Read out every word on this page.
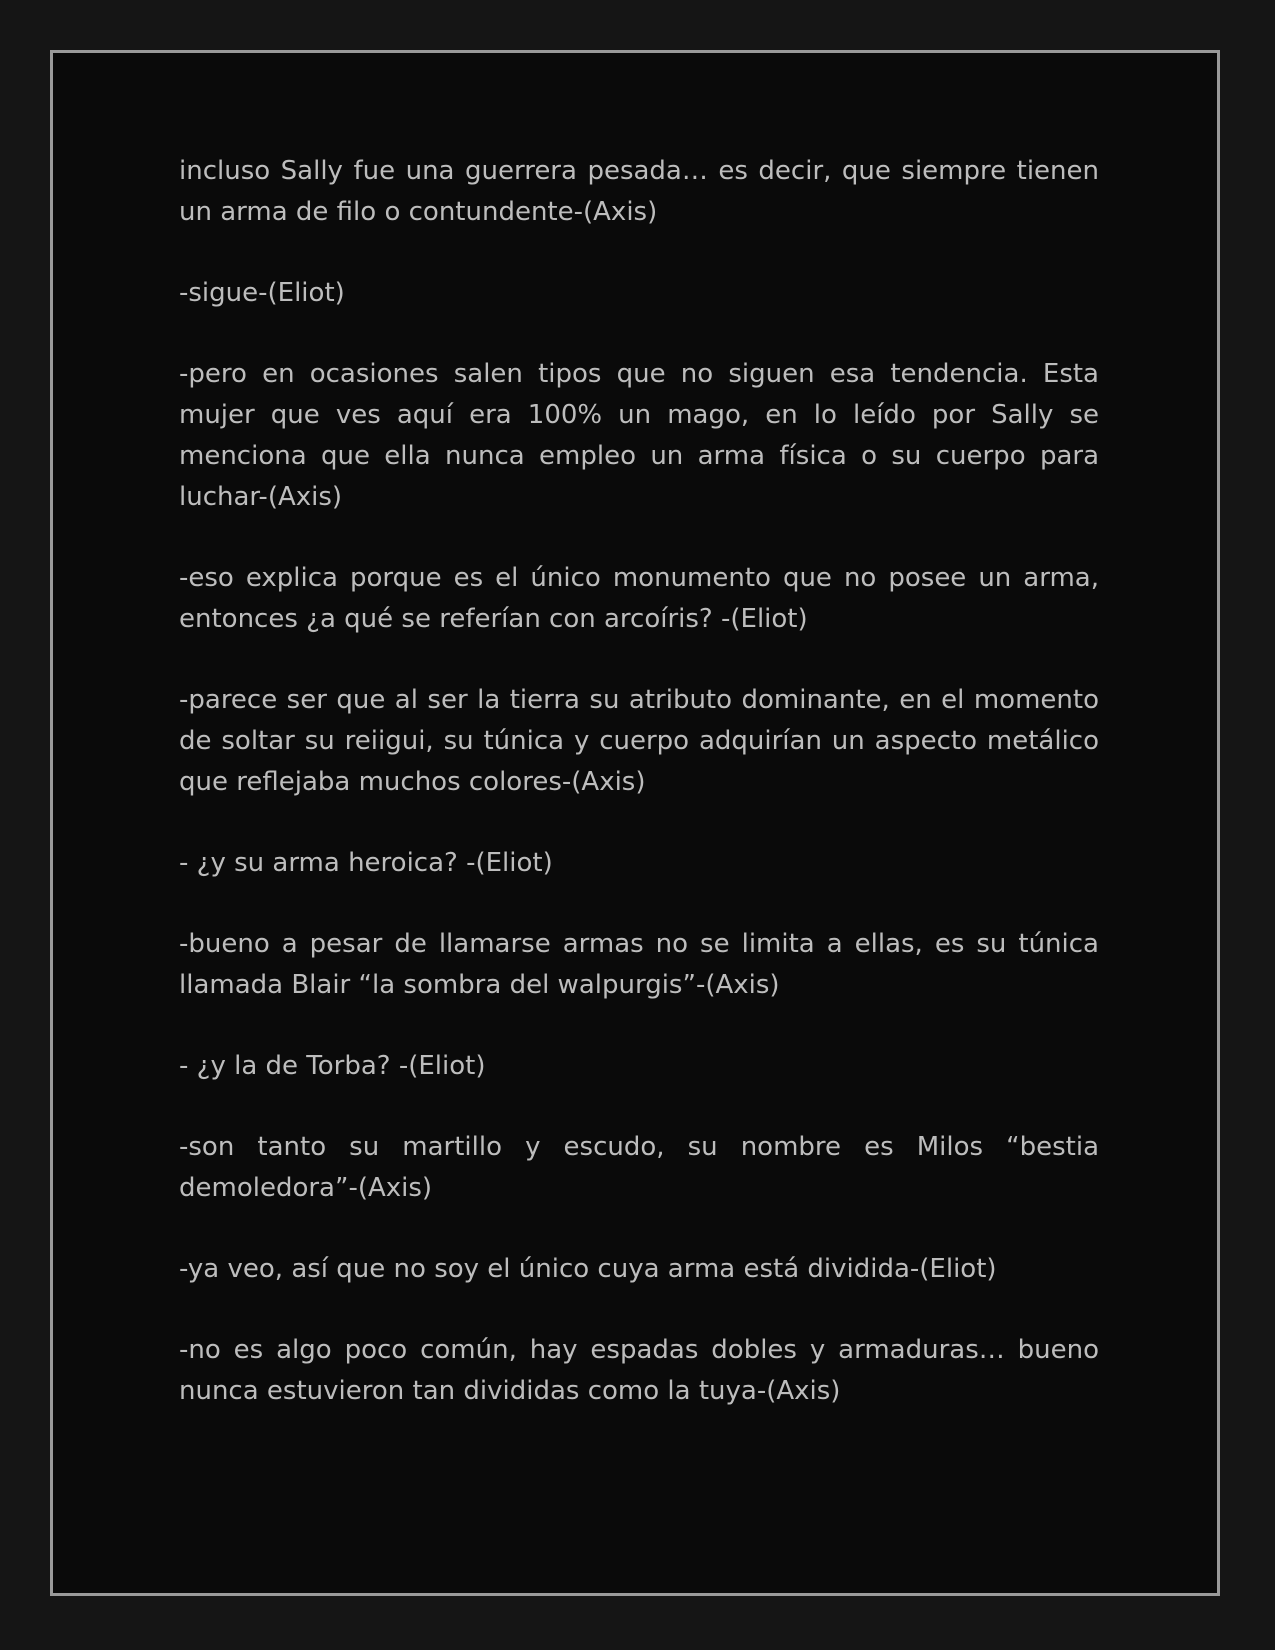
incluso Sally fue una guerrera pesada… es decir, que siempre tienen un arma de filo o contundente-(Axis)

-sigue-(Eliot)

-pero en ocasiones salen tipos que no siguen esa tendencia. Esta mujer que ves aquí era 100% un mago, en lo leído por Sally se menciona que ella nunca empleo un arma física o su cuerpo para luchar-(Axis)

-eso explica porque es el único monumento que no posee un arma, entonces ¿a qué se referían con arcoíris? -(Eliot)

-parece ser que al ser la tierra su atributo dominante, en el momento de soltar su reiigui, su túnica y cuerpo adquirían un aspecto metálico que reflejaba muchos colores-(Axis)

- ¿y su arma heroica? -(Eliot)

-bueno a pesar de llamarse armas no se limita a ellas, es su túnica llamada Blair “la sombra del walpurgis”-(Axis)

- ¿y la de Torba? -(Eliot)

-son tanto su martillo y escudo, su nombre es Milos “bestia demoledora”-(Axis)

-ya veo, así que no soy el único cuya arma está dividida-(Eliot)

-no es algo poco común, hay espadas dobles y armaduras… bueno nunca estuvieron tan divididas como la tuya-(Axis)
